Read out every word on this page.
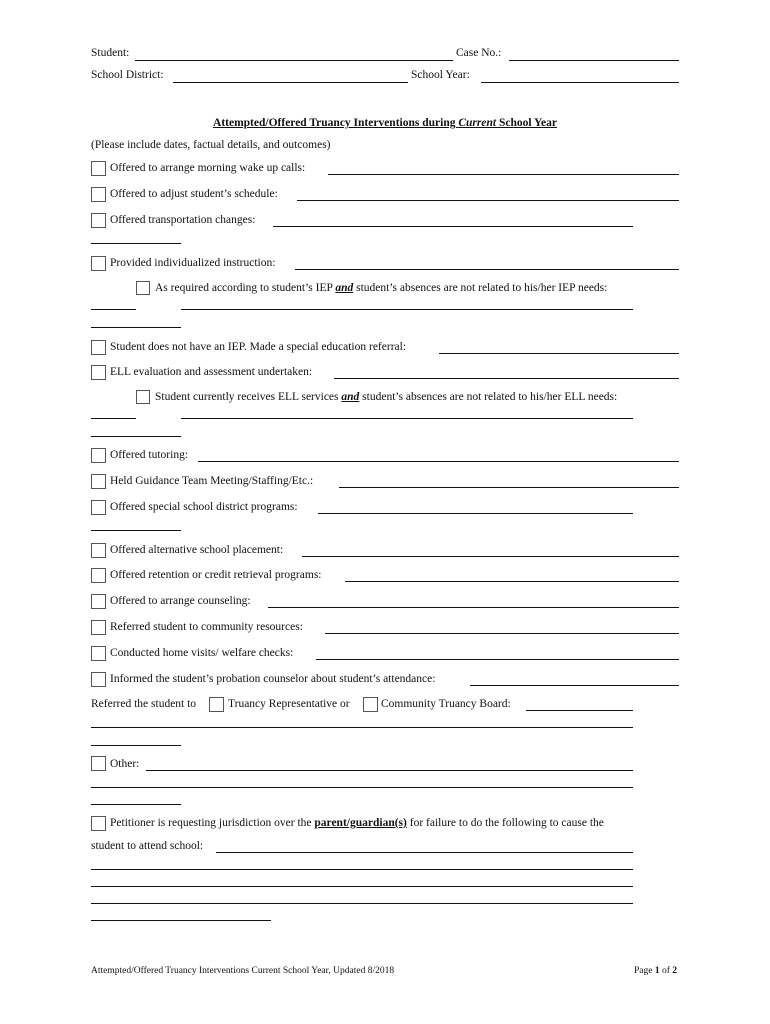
Student:	Case No.:
School District:	School Year:
Attempted/Offered Truancy Interventions during Current School Year
(Please include dates, factual details, and outcomes)
Offered to arrange morning wake up calls:
Offered to adjust student’s schedule:
Offered transportation changes:
Provided individualized instruction:
As required according to student’s IEP and student’s absences are not related to his/her IEP needs:
Student does not have an IEP. Made a special education referral:
ELL evaluation and assessment undertaken:
Student currently receives ELL services and student’s absences are not related to his/her ELL needs:
Offered tutoring:
Held Guidance Team Meeting/Staffing/Etc.:
Offered special school district programs:
Offered alternative school placement:
Offered retention or credit retrieval programs:
Offered to arrange counseling:
Referred student to community resources:
Conducted home visits/ welfare checks:
Informed the student’s probation counselor about student’s attendance:
Referred the student to	Truancy Representative or	Community Truancy Board:
Other:
Petitioner is requesting jurisdiction over the parent/guardian(s) for failure to do the following to cause the
student to attend school:
Attempted/Offered Truancy Interventions Current School Year, Updated 8/2018	Page 1 of 2
